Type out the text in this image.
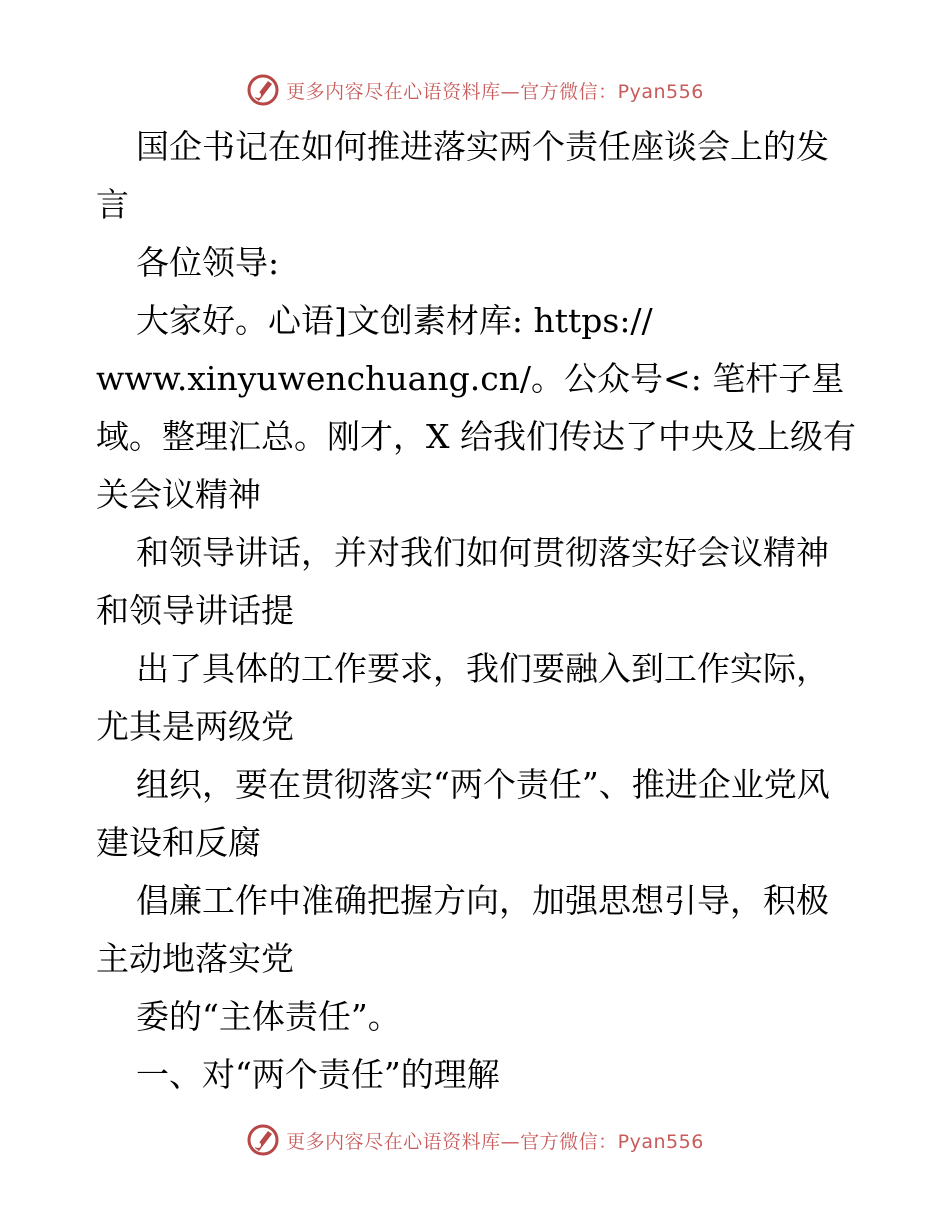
更多内容尽在心语资料库—官方微信：Pyan556

国企书记在如何推进落实两个责任座谈会上的发言

各位领导:

大家好。心语]文创素材库: https://
www.xinyuwenchuang.cn/。公众号<: 笔杆子星
域。整理汇总。刚才，X 给我们传达了中央及上级有关会议精神

和领导讲话，并对我们如何贯彻落实好会议精神和领导讲话提

出了具体的工作要求，我们要融入到工作实际，尤其是两级党

组织，要在贯彻落实“两个责任”、推进企业党风建设和反腐

倡廉工作中准确把握方向，加强思想引导，积极主动地落实党

委的“主体责任”。

一、对“两个责任”的理解

更多内容尽在心语资料库—官方微信：Pyan556
